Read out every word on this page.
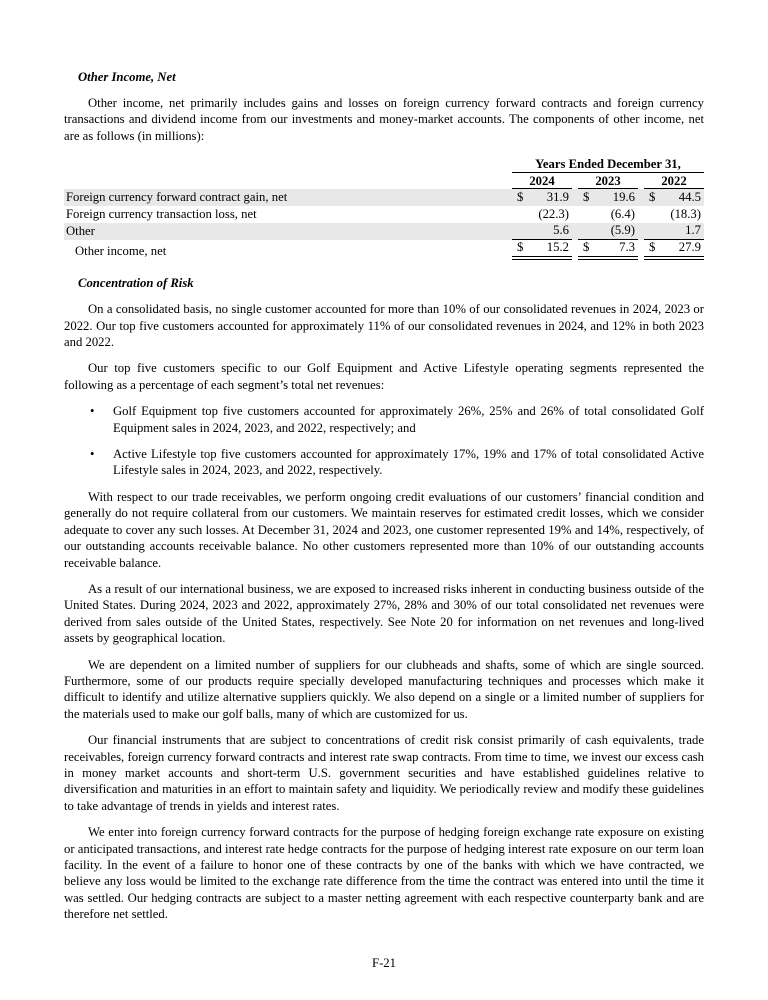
Other Income, Net

Other income, net primarily includes gains and losses on foreign currency forward contracts and foreign currency transactions and dividend income from our investments and money-market accounts. The components of other income, net are as follows (in millions):

Years Ended December 31,
2024	2023	2022
Foreign currency forward contract gain, net	$ 31.9	$ 19.6	$ 44.5
Foreign currency transaction loss, net	(22.3)	(6.4)	(18.3)
Other	5.6	(5.9)	1.7
Other income, net	$ 15.2	$ 7.3	$ 27.9
Concentration of Risk

On a consolidated basis, no single customer accounted for more than 10% of our consolidated revenues in 2024, 2023 or 2022. Our top five customers accounted for approximately 11% of our consolidated revenues in 2024, and 12% in both 2023 and 2022.

Our top five customers specific to our Golf Equipment and Active Lifestyle operating segments represented the following as a percentage of each segment’s total net revenues:

• Golf Equipment top five customers accounted for approximately 26%, 25% and 26% of total consolidated Golf Equipment sales in 2024, 2023, and 2022, respectively; and
• Active Lifestyle top five customers accounted for approximately 17%, 19% and 17% of total consolidated Active Lifestyle sales in 2024, 2023, and 2022, respectively.

With respect to our trade receivables, we perform ongoing credit evaluations of our customers’ financial condition and generally do not require collateral from our customers. We maintain reserves for estimated credit losses, which we consider adequate to cover any such losses. At December 31, 2024 and 2023, one customer represented 19% and 14%, respectively, of our outstanding accounts receivable balance. No other customers represented more than 10% of our outstanding accounts receivable balance.

As a result of our international business, we are exposed to increased risks inherent in conducting business outside of the United States. During 2024, 2023 and 2022, approximately 27%, 28% and 30% of our total consolidated net revenues were derived from sales outside of the United States, respectively. See Note 20 for information on net revenues and long-lived assets by geographical location.

We are dependent on a limited number of suppliers for our clubheads and shafts, some of which are single sourced. Furthermore, some of our products require specially developed manufacturing techniques and processes which make it difficult to identify and utilize alternative suppliers quickly. We also depend on a single or a limited number of suppliers for the materials used to make our golf balls, many of which are customized for us.

Our financial instruments that are subject to concentrations of credit risk consist primarily of cash equivalents, trade receivables, foreign currency forward contracts and interest rate swap contracts. From time to time, we invest our excess cash in money market accounts and short-term U.S. government securities and have established guidelines relative to diversification and maturities in an effort to maintain safety and liquidity. We periodically review and modify these guidelines to take advantage of trends in yields and interest rates.

We enter into foreign currency forward contracts for the purpose of hedging foreign exchange rate exposure on existing or anticipated transactions, and interest rate hedge contracts for the purpose of hedging interest rate exposure on our term loan facility. In the event of a failure to honor one of these contracts by one of the banks with which we have contracted, we believe any loss would be limited to the exchange rate difference from the time the contract was entered into until the time it was settled. Our hedging contracts are subject to a master netting agreement with each respective counterparty bank and are therefore net settled.

F-21
